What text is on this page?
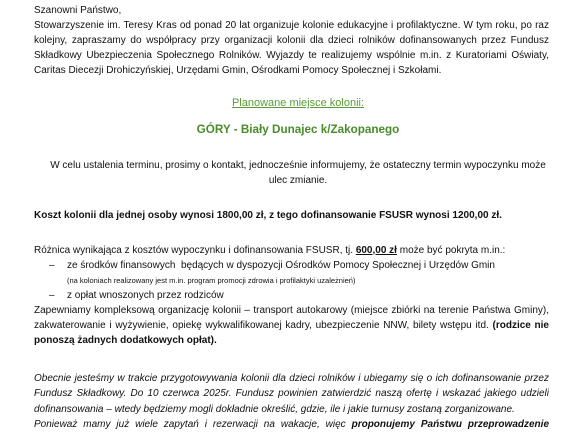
Szanowni Państwo,
Stowarzyszenie im. Teresy Kras od ponad 20 lat organizuje kolonie edukacyjne i profilaktyczne. W tym roku, po raz
kolejny, zapraszamy do współpracy przy organizacji kolonii dla dzieci rolników dofinansowanych przez Fundusz
Składkowy Ubezpieczenia Społecznego Rolników. Wyjazdy te realizujemy wspólnie m.in. z Kuratoriami Oświaty,
Caritas Diecezji Drohiczyńskiej, Urzędami Gmin, Ośrodkami Pomocy Społecznej i Szkołami.
Planowane miejsce kolonii:
GÓRY - Biały Dunajec k/Zakopanego
W celu ustalenia terminu, prosimy o kontakt, jednocześnie informujemy, że ostateczny termin wypoczynku może
ulec zmianie.
Koszt kolonii dla jednej osoby wynosi 1800,00 zł, z tego dofinansowanie FSUSR wynosi 1200,00 zł.
Różnica wynikająca z kosztów wypoczynku i dofinansowania FSUSR, tj. 600,00 zł może być pokryta m.in.:
– ze środków finansowych  będących w dyspozycji Ośrodków Pomocy Społecznej i Urzędów Gmin
(na koloniach realizowany jest m.in. program promocji zdrowia i profilaktyki uzależnień)
– z opłat wnoszonych przez rodziców
Zapewniamy kompleksową organizację kolonii – transport autokarowy (miejsce zbiórki na terenie Państwa Gminy),
zakwaterowanie i wyżywienie, opiekę wykwalifikowanej kadry, ubezpieczenie NNW, bilety wstępu itd. (rodzice nie
ponoszą żadnych dodatkowych opłat).
Obecnie jesteśmy w trakcie przygotowywania kolonii dla dzieci rolników i ubiegamy się o ich dofinansowanie przez
Fundusz Składkowy. Do 10 czerwca 2025r. Fundusz powinien zatwierdzić naszą ofertę i wskazać jakiego udzieli
dofinansowania – wtedy będziemy mogli dokładnie określić, gdzie, ile i jakie turnusy zostaną zorganizowane.
Ponieważ mamy już wiele zapytań i rezerwacji na wakacje, więc proponujemy Państwu przeprowadzenie
